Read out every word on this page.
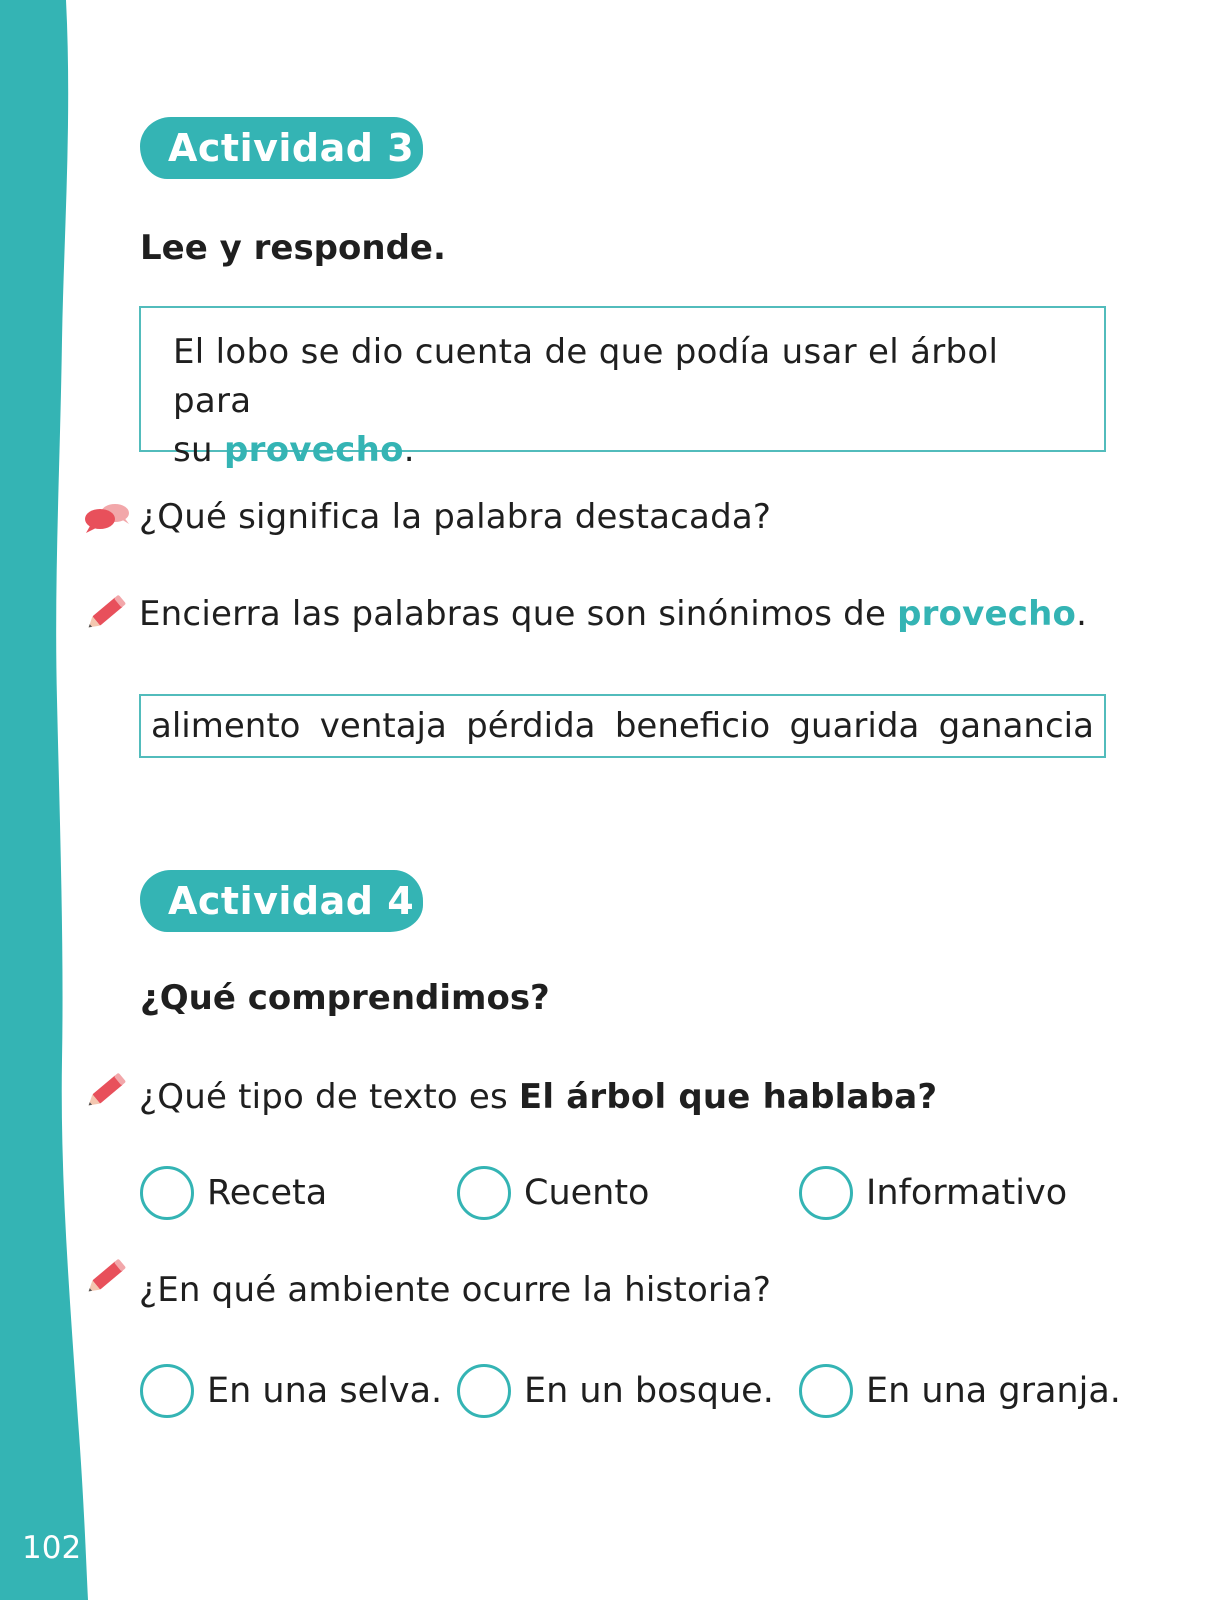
102
Actividad 3
Lee y responde.
El lobo se dio cuenta de que podía usar el árbol para
su provecho.
¿Qué significa la palabra destacada?
Encierra las palabras que son sinónimos de provecho.
alimento ventaja pérdida beneficio guarida ganancia
Actividad 4
¿Qué comprendimos?
¿Qué tipo de texto es El árbol que hablaba?
Receta	Cuento	Informativo
¿En qué ambiente ocurre la historia?
En una selva. En un bosque.	En una granja.
